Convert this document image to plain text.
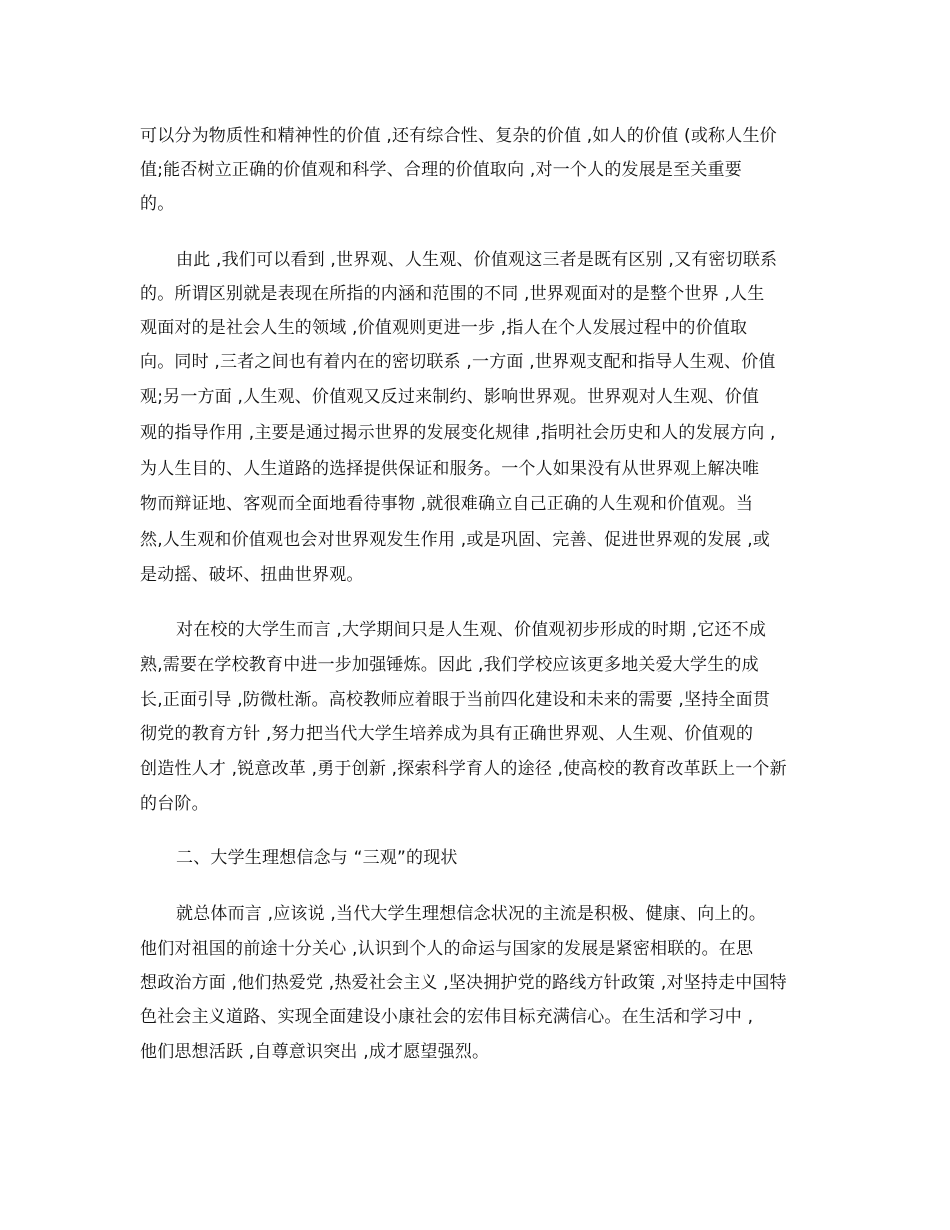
可以分为物质性和精神性的价值 ,还有综合性、复杂的价值 ,如人的价值 (或称人生价
值;能否树立正确的价值观和科学、合理的价值取向 ,对一个人的发展是至关重要
的。
由此 ,我们可以看到 ,世界观、人生观、价值观这三者是既有区别 ,又有密切联系
的。所谓区别就是表现在所指的内涵和范围的不同 ,世界观面对的是整个世界 ,人生
观面对的是社会人生的领域 ,价值观则更进一步 ,指人在个人发展过程中的价值取
向。同时 ,三者之间也有着内在的密切联系 ,一方面 ,世界观支配和指导人生观、价值
观;另一方面 ,人生观、价值观又反过来制约、影响世界观。世界观对人生观、价值
观的指导作用 ,主要是通过揭示世界的发展变化规律 ,指明社会历史和人的发展方向 ,
为人生目的、人生道路的选择提供保证和服务。一个人如果没有从世界观上解决唯
物而辩证地、客观而全面地看待事物 ,就很难确立自己正确的人生观和价值观。当
然,人生观和价值观也会对世界观发生作用 ,或是巩固、完善、促进世界观的发展 ,或
是动摇、破坏、扭曲世界观。
对在校的大学生而言 ,大学期间只是人生观、价值观初步形成的时期 ,它还不成
熟,需要在学校教育中进一步加强锤炼。因此 ,我们学校应该更多地关爱大学生的成
长,正面引导 ,防微杜渐。高校教师应着眼于当前四化建设和未来的需要 ,坚持全面贯
彻党的教育方针 ,努力把当代大学生培养成为具有正确世界观、人生观、价值观的
创造性人才 ,锐意改革 ,勇于创新 ,探索科学育人的途径 ,使高校的教育改革跃上一个新
的台阶。
二、大学生理想信念与 “三观”的现状
就总体而言 ,应该说 ,当代大学生理想信念状况的主流是积极、健康、向上的。
他们对祖国的前途十分关心 ,认识到个人的命运与国家的发展是紧密相联的。在思
想政治方面 ,他们热爱党 ,热爱社会主义 ,坚决拥护党的路线方针政策 ,对坚持走中国特
色社会主义道路、实现全面建设小康社会的宏伟目标充满信心。在生活和学习中 ,
他们思想活跃 ,自尊意识突出 ,成才愿望强烈。
